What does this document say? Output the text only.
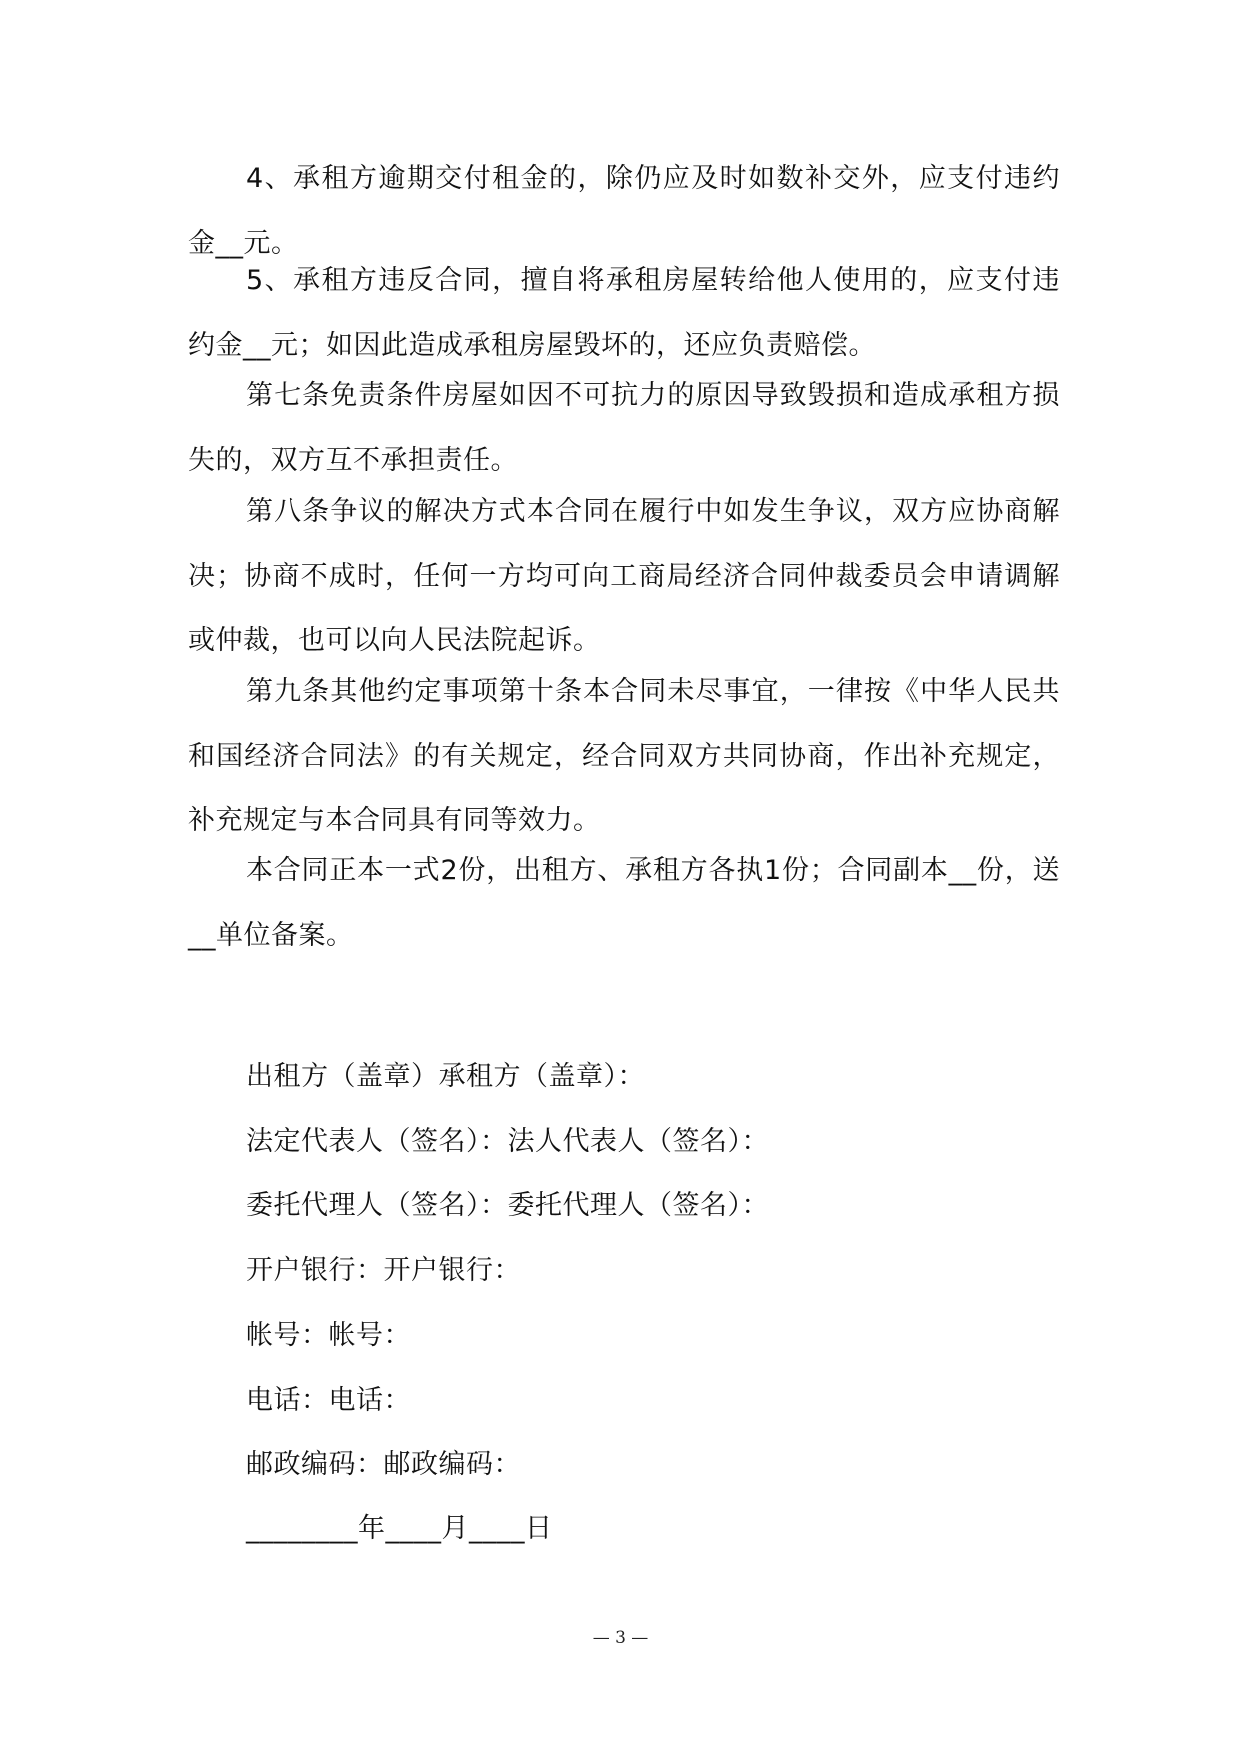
4、承租方逾期交付租金的，除仍应及时如数补交外，应支付违约金__元。

5、承租方违反合同，擅自将承租房屋转给他人使用的，应支付违约金__元；如因此造成承租房屋毁坏的，还应负责赔偿。

第七条免责条件房屋如因不可抗力的原因导致毁损和造成承租方损失的，双方互不承担责任。

第八条争议的解决方式本合同在履行中如发生争议，双方应协商解决；协商不成时，任何一方均可向工商局经济合同仲裁委员会申请调解或仲裁，也可以向人民法院起诉。

第九条其他约定事项第十条本合同未尽事宜，一律按《中华人民共和国经济合同法》的有关规定，经合同双方共同协商，作出补充规定，补充规定与本合同具有同等效力。

本合同正本一式2份，出租方、承租方各执1份；合同副本__份，送__单位备案。

出租方（盖章）承租方（盖章）：

法定代表人（签名）：法人代表人（签名）：

委托代理人（签名）：委托代理人（签名）：

开户银行：开户银行：

帐号：帐号：

电话：电话：

邮政编码：邮政编码：

________年____月____日

— 3 —
